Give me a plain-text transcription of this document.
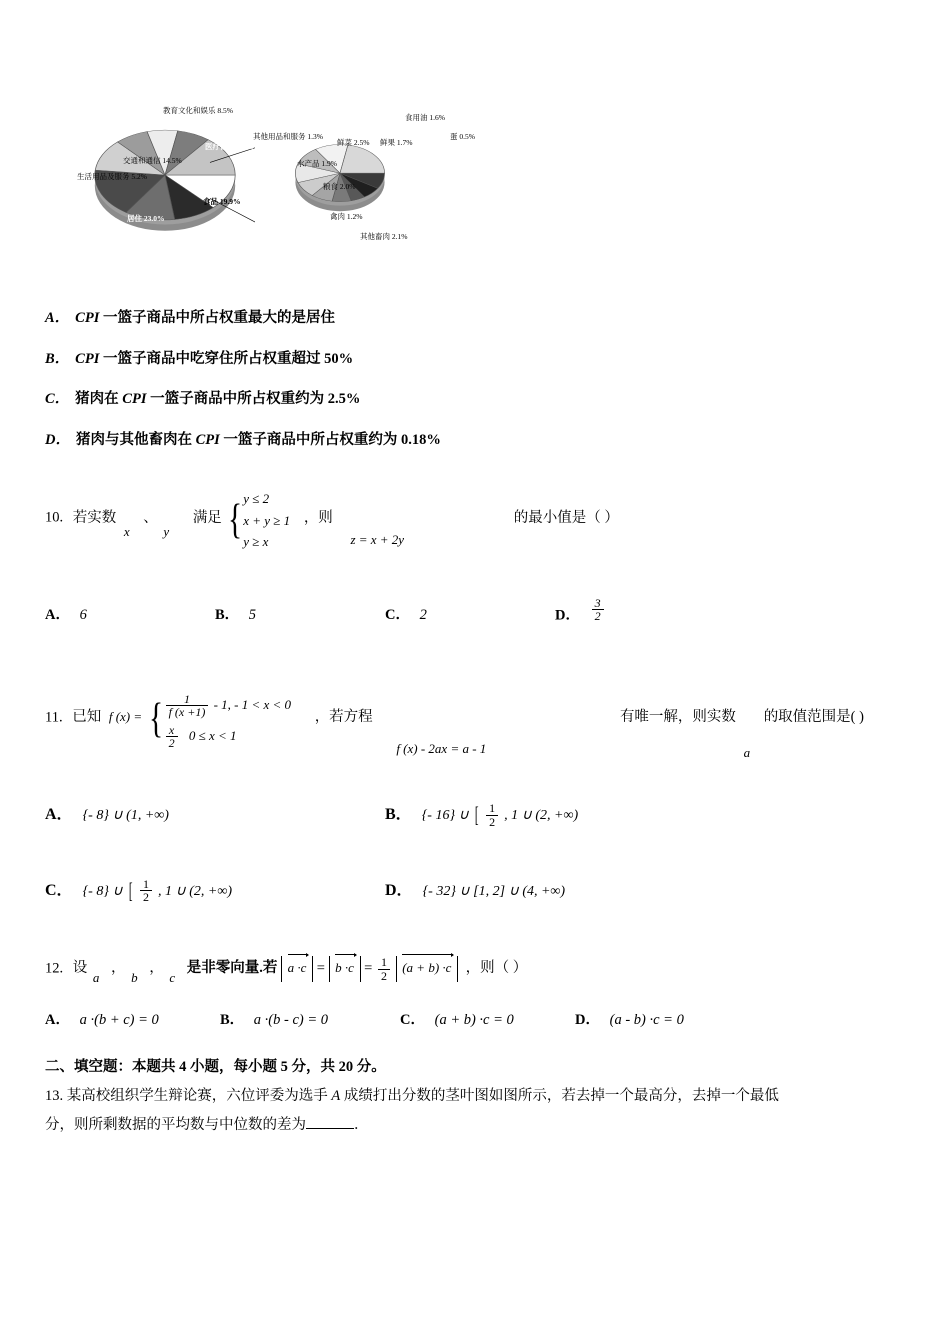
教育文化和娱乐 8.5%
其他用品和服务 1.3%
医疗保健 9.3%
交通和通信 14.5%
生活用品及服务 5.2%
食品 19.9%
居住 23.0%
烟酒 10.3%
衣着 8.0%
食用油 1.6%
蛋 0.5%
鲜菜 2.5% 鲜果 1.7%
水产品 1.9%
其他 3.8%
粮食 2.0%
猪肉 2.5%
禽肉 1.2%
其他畜肉 2.1%

A． CPI 一篮子商品中所占权重最大的是居住

B． CPI 一篮子商品中吃穿住所占权重超过 50%

C． 猪肉在 CPI 一篮子商品中所占权重约为 2.5%

D． 猪肉与其他畜肉在 CPI 一篮子商品中所占权重约为 0.18%

10. 若实数 x 、 y 满足 { y ≤ 2
x + y ≥ 1
y ≥ x
，则 z = x + 2y 的最小值是（ ）
A． 6	B． 5	C． 2	D． $\frac{3}{2}$
11. 已知 f (x) = { $\frac{1}{f (x +1)} - 1$, - 1 < x < 0
$\frac{x}{2} 0 \le x < 1$
，若方程 f (x) - 2ax = a - 1 有唯一解，则实数 a 的取值范围是( )
A． {- 8} ∪ (1, +∞)	B． {- 16} ∪ [ $\frac{1}{2}$ , 1 ∪ (2, +∞)
C． {- 8} ∪ [ $\frac{1}{2}$ , 1 ∪ (2, +∞)	D． {- 32} ∪ [1, 2] ∪ (4, +∞)
12. 设 a ， b ， c 是非零向量.若 $a \cdot c = b \cdot c = \frac{1}{2} (a + b) \cdot c$ ，则（ ）
A． a ·(b + c) = 0	B． a ·(b - c) = 0	C． (a + b) ·c = 0	D． (a - b) ·c = 0
二、填空题：本题共 4 小题，每小题 5 分，共 20 分。
13. 某高校组织学生辩论赛，六位评委为选手 A 成绩打出分数的茎叶图如图所示，若去掉一个最高分，去掉一个最低
分，则所剩数据的平均数与中位数的差为	．
